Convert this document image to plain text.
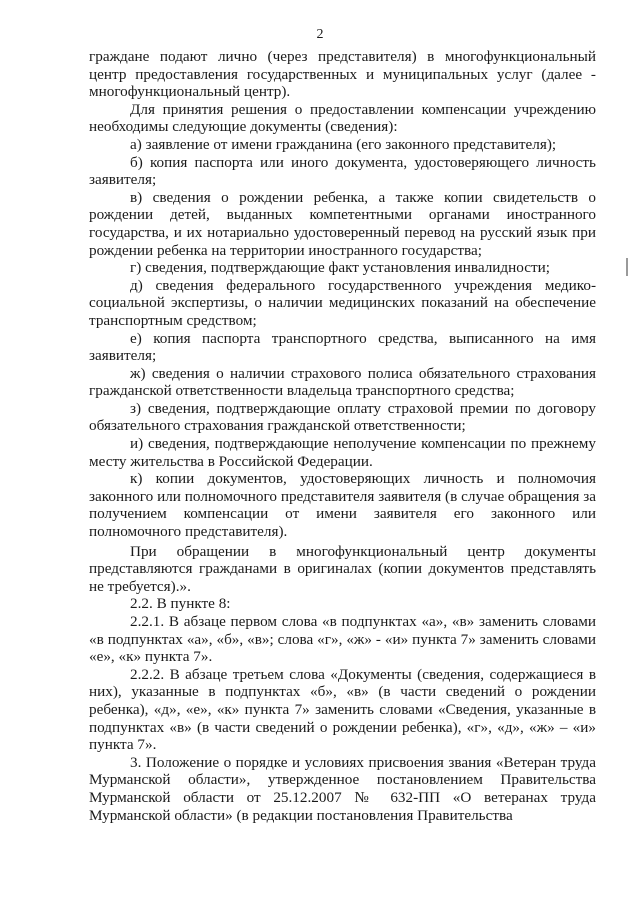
2

граждане подают лично (через представителя) в многофункциональный центр предоставления государственных и муниципальных услуг (далее - многофункциональный центр).

Для принятия решения о предоставлении компенсации учреждению необходимы следующие документы (сведения):

а) заявление от имени гражданина (его законного представителя);

б) копия паспорта или иного документа, удостоверяющего личность заявителя;

в) сведения о рождении ребенка, а также копии свидетельств о рождении детей, выданных компетентными органами иностранного государства, и их нотариально удостоверенный перевод на русский язык при рождении ребенка на территории иностранного государства;

г) сведения, подтверждающие факт установления инвалидности;

д) сведения федерального государственного учреждения медико-социальной экспертизы, о наличии медицинских показаний на обеспечение транспортным средством;

е) копия паспорта транспортного средства, выписанного на имя заявителя;

ж) сведения о наличии страхового полиса обязательного страхования гражданской ответственности владельца транспортного средства;

з) сведения, подтверждающие оплату страховой премии по договору обязательного страхования гражданской ответственности;

и) сведения, подтверждающие неполучение компенсации по прежнему месту жительства в Российской Федерации.

к) копии документов, удостоверяющих личность и полномочия законного или полномочного представителя заявителя (в случае обращения за получением компенсации от имени заявителя его законного или полномочного представителя).

При обращении в многофункциональный центр документы представляются гражданами в оригиналах (копии документов представлять не требуется).».

2.2. В пункте 8:

2.2.1. В абзаце первом слова «в подпунктах «а», «в» заменить словами «в подпунктах «а», «б», «в»; слова «г», «ж» - «и» пункта 7» заменить словами «е», «к» пункта 7».

2.2.2. В абзаце третьем слова «Документы (сведения, содержащиеся в них), указанные в подпунктах «б», «в» (в части сведений о рождении ребенка), «д», «е», «к» пункта 7» заменить словами «Сведения, указанные в подпунктах «в» (в части сведений о рождении ребенка), «г», «д», «ж» – «и» пункта 7».

3. Положение о порядке и условиях присвоения звания «Ветеран труда Мурманской области», утвержденное постановлением Правительства Мурманской области от 25.12.2007 № 632-ПП «О ветеранах труда Мурманской области» (в редакции постановления Правительства
